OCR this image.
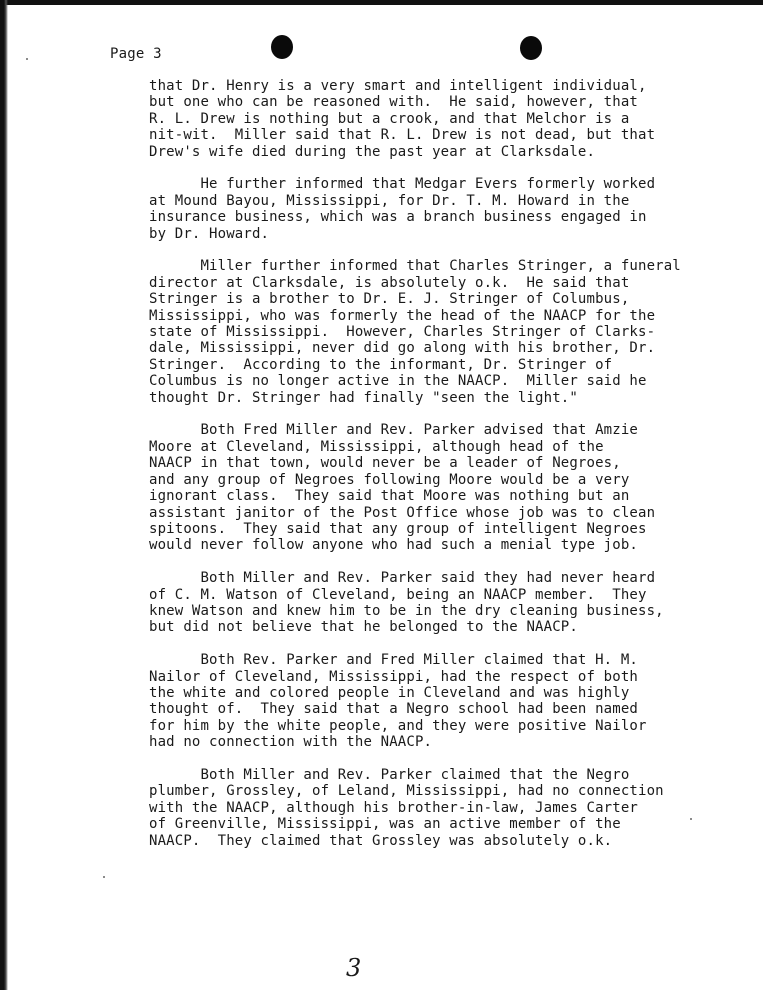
Page 3

that Dr. Henry is a very smart and intelligent individual,
but one who can be reasoned with.  He said, however, that
R. L. Drew is nothing but a crook, and that Melchor is a
nit-wit.  Miller said that R. L. Drew is not dead, but that
Drew's wife died during the past year at Clarksdale.

He further informed that Medgar Evers formerly worked
at Mound Bayou, Mississippi, for Dr. T. M. Howard in the
insurance business, which was a branch business engaged in
by Dr. Howard.

Miller further informed that Charles Stringer, a funeral
director at Clarksdale, is absolutely o.k.  He said that
Stringer is a brother to Dr. E. J. Stringer of Columbus,
Mississippi, who was formerly the head of the NAACP for the
state of Mississippi.  However, Charles Stringer of Clarks-
dale, Mississippi, never did go along with his brother, Dr.
Stringer.  According to the informant, Dr. Stringer of
Columbus is no longer active in the NAACP.  Miller said he
thought Dr. Stringer had finally "seen the light."

Both Fred Miller and Rev. Parker advised that Amzie
Moore at Cleveland, Mississippi, although head of the
NAACP in that town, would never be a leader of Negroes,
and any group of Negroes following Moore would be a very
ignorant class.  They said that Moore was nothing but an
assistant janitor of the Post Office whose job was to clean
spitoons.  They said that any group of intelligent Negroes
would never follow anyone who had such a menial type job.

Both Miller and Rev. Parker said they had never heard
of C. M. Watson of Cleveland, being an NAACP member.  They
knew Watson and knew him to be in the dry cleaning business,
but did not believe that he belonged to the NAACP.

Both Rev. Parker and Fred Miller claimed that H. M.
Nailor of Cleveland, Mississippi, had the respect of both
the white and colored people in Cleveland and was highly
thought of.  They said that a Negro school had been named
for him by the white people, and they were positive Nailor
had no connection with the NAACP.

Both Miller and Rev. Parker claimed that the Negro
plumber, Grossley, of Leland, Mississippi, had no connection
with the NAACP, although his brother-in-law, James Carter
of Greenville, Mississippi, was an active member of the
NAACP.  They claimed that Grossley was absolutely o.k.

3
